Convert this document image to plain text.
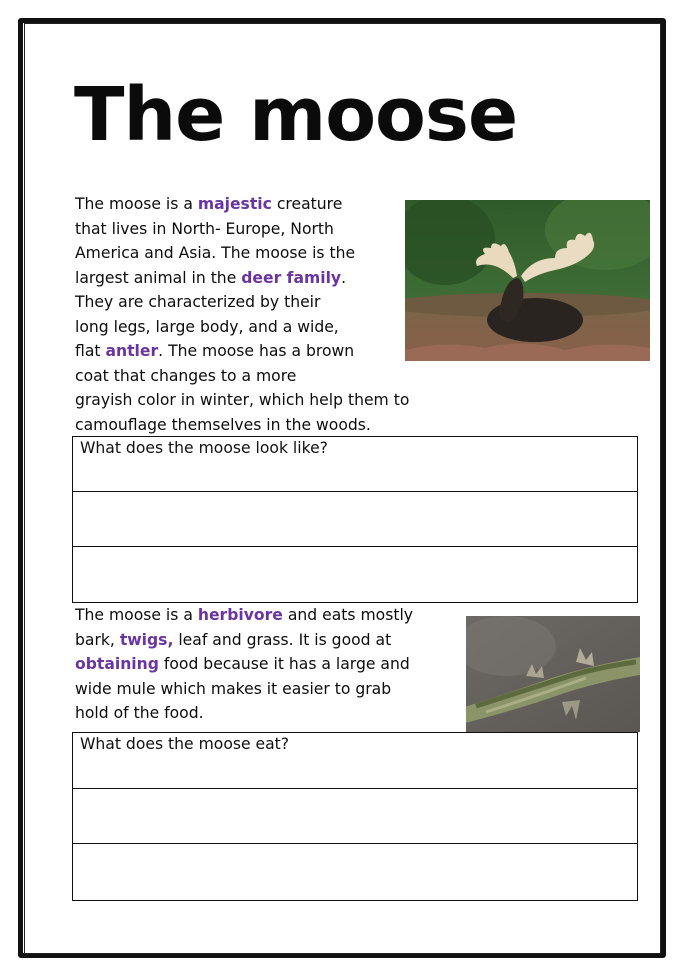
The moose

The moose is a majestic creature

that lives in North- Europe, North

America and Asia. The moose is the

largest animal in the deer family.

They are characterized by their

long legs, large body, and a wide,

flat antler. The moose has a brown

coat that changes to a more

grayish color in winter, which help them to

camouflage themselves in the woods.

What does the moose look like?

The moose is a herbivore and eats mostly

bark, twigs, leaf and grass. It is good at

obtaining food because it has a large and

wide mule which makes it easier to grab

hold of the food.

What does the moose eat?
